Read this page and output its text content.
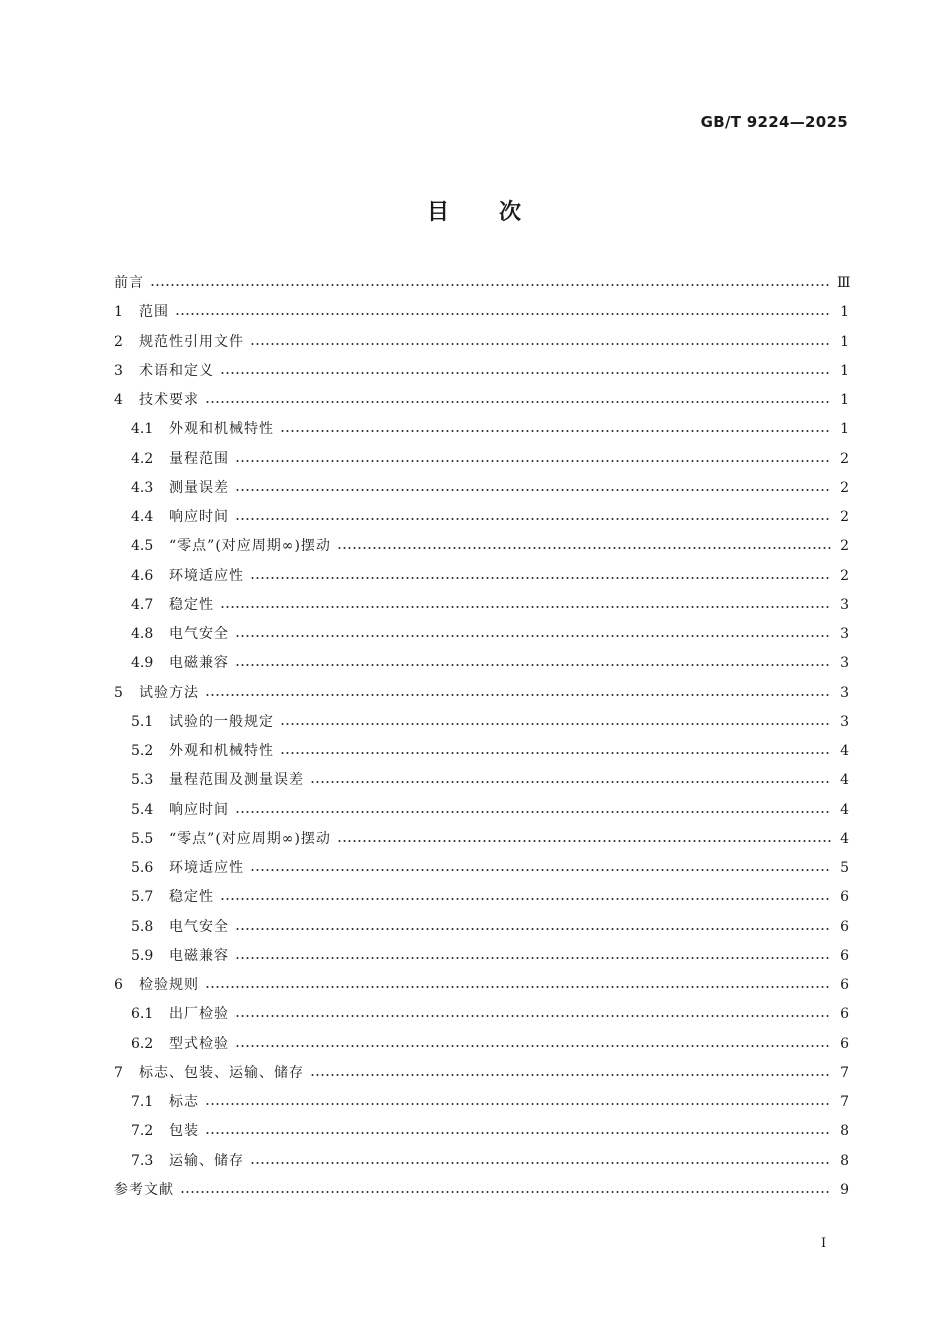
GB/T 9224—2025
目 次
前言	Ⅲ
1	范围	1
2	规范性引用文件	1
3	术语和定义	1
4	技术要求	1
4.1	外观和机械特性	1
4.2	量程范围	2
4.3	测量误差	2
4.4	响应时间	2
4.5	“零点”(对应周期∞)摆动	2
4.6	环境适应性	2
4.7	稳定性	3
4.8	电气安全	3
4.9	电磁兼容	3
5	试验方法	3
5.1	试验的一般规定	3
5.2	外观和机械特性	4
5.3	量程范围及测量误差	4
5.4	响应时间	4
5.5	“零点”(对应周期∞)摆动	4
5.6	环境适应性	5
5.7	稳定性	6
5.8	电气安全	6
5.9	电磁兼容	6
6	检验规则	6
6.1	出厂检验	6
6.2	型式检验	6
7	标志、包装、运输、储存	7
7.1	标志	7
7.2	包装	8
7.3	运输、储存	8
参考文献	9
I
